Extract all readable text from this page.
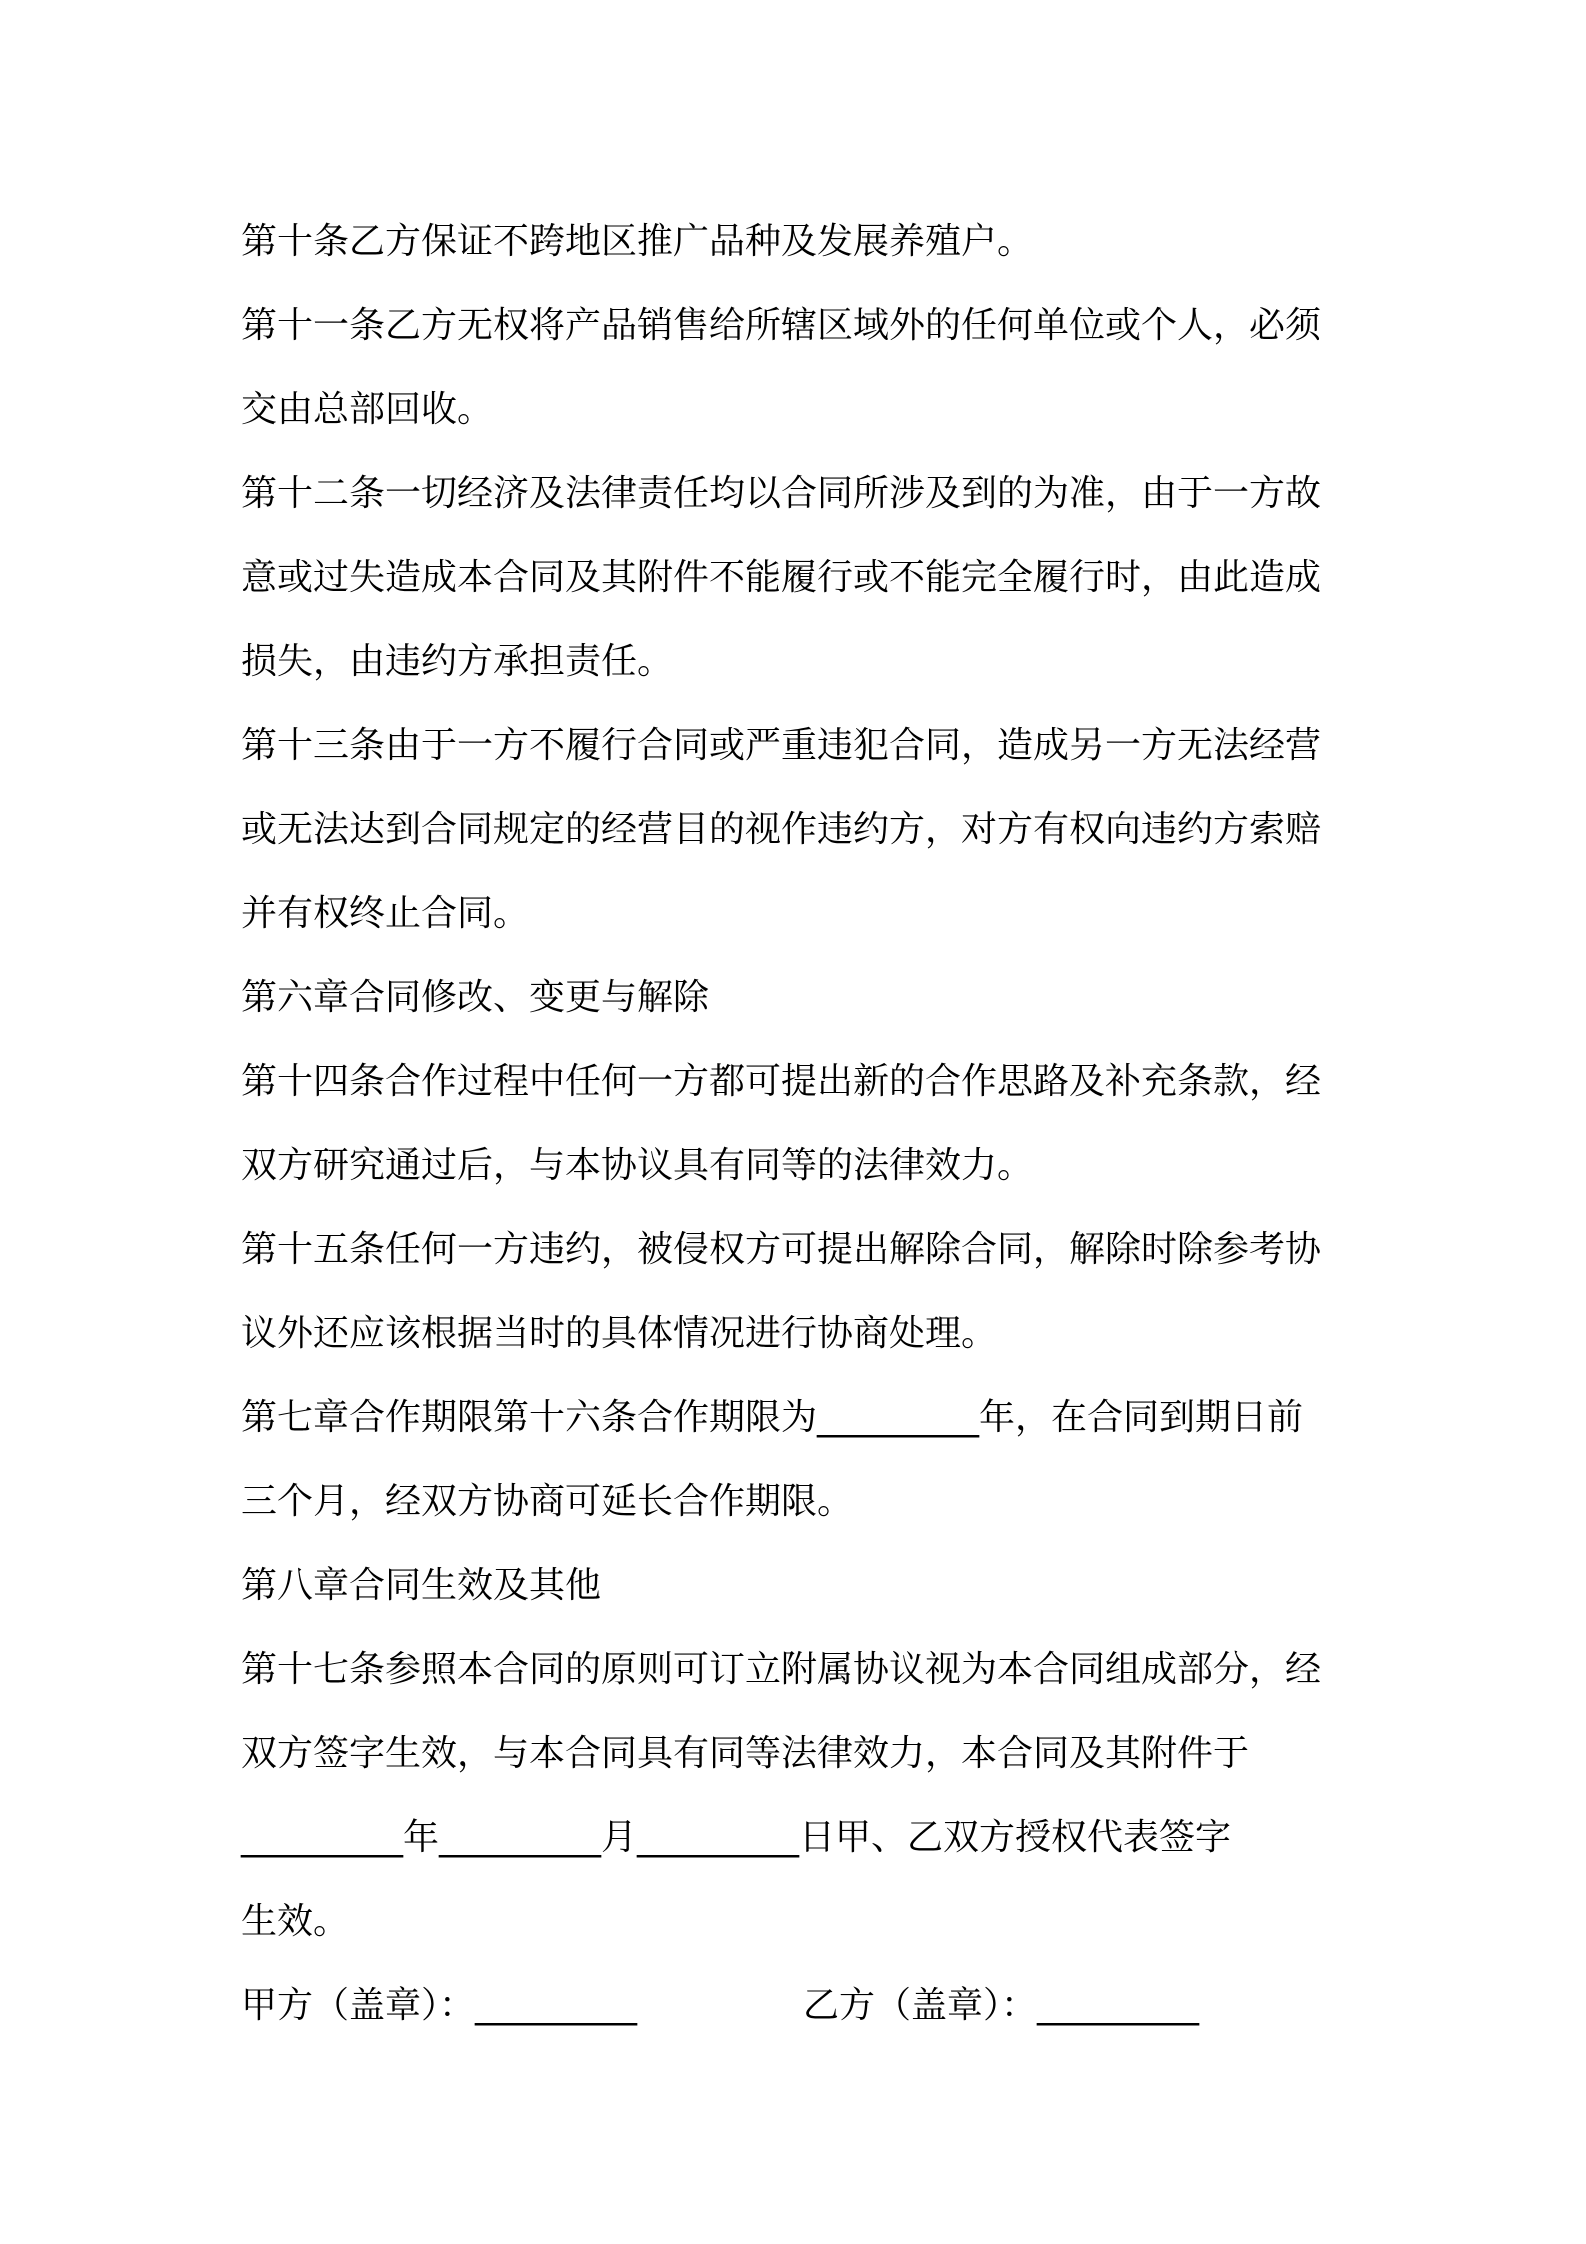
第十条乙方保证不跨地区推广品种及发展养殖户。
第十一条乙方无权将产品销售给所辖区域外的任何单位或个人，必须
交由总部回收。
第十二条一切经济及法律责任均以合同所涉及到的为准，由于一方故
意或过失造成本合同及其附件不能履行或不能完全履行时，由此造成
损失，由违约方承担责任。
第十三条由于一方不履行合同或严重违犯合同，造成另一方无法经营
或无法达到合同规定的经营目的视作违约方，对方有权向违约方索赔
并有权终止合同。
第六章合同修改、变更与解除
第十四条合作过程中任何一方都可提出新的合作思路及补充条款，经
双方研究通过后，与本协议具有同等的法律效力。
第十五条任何一方违约，被侵权方可提出解除合同，解除时除参考协
议外还应该根据当时的具体情况进行协商处理。
第七章合作期限第十六条合作期限为_________年，在合同到期日前
三个月，经双方协商可延长合作期限。
第八章合同生效及其他
第十七条参照本合同的原则可订立附属协议视为本合同组成部分，经
双方签字生效，与本合同具有同等法律效力，本合同及其附件于
_________年_________月_________日甲、乙双方授权代表签字
生效。
甲方（盖章）：_________	乙方（盖章）：_________
